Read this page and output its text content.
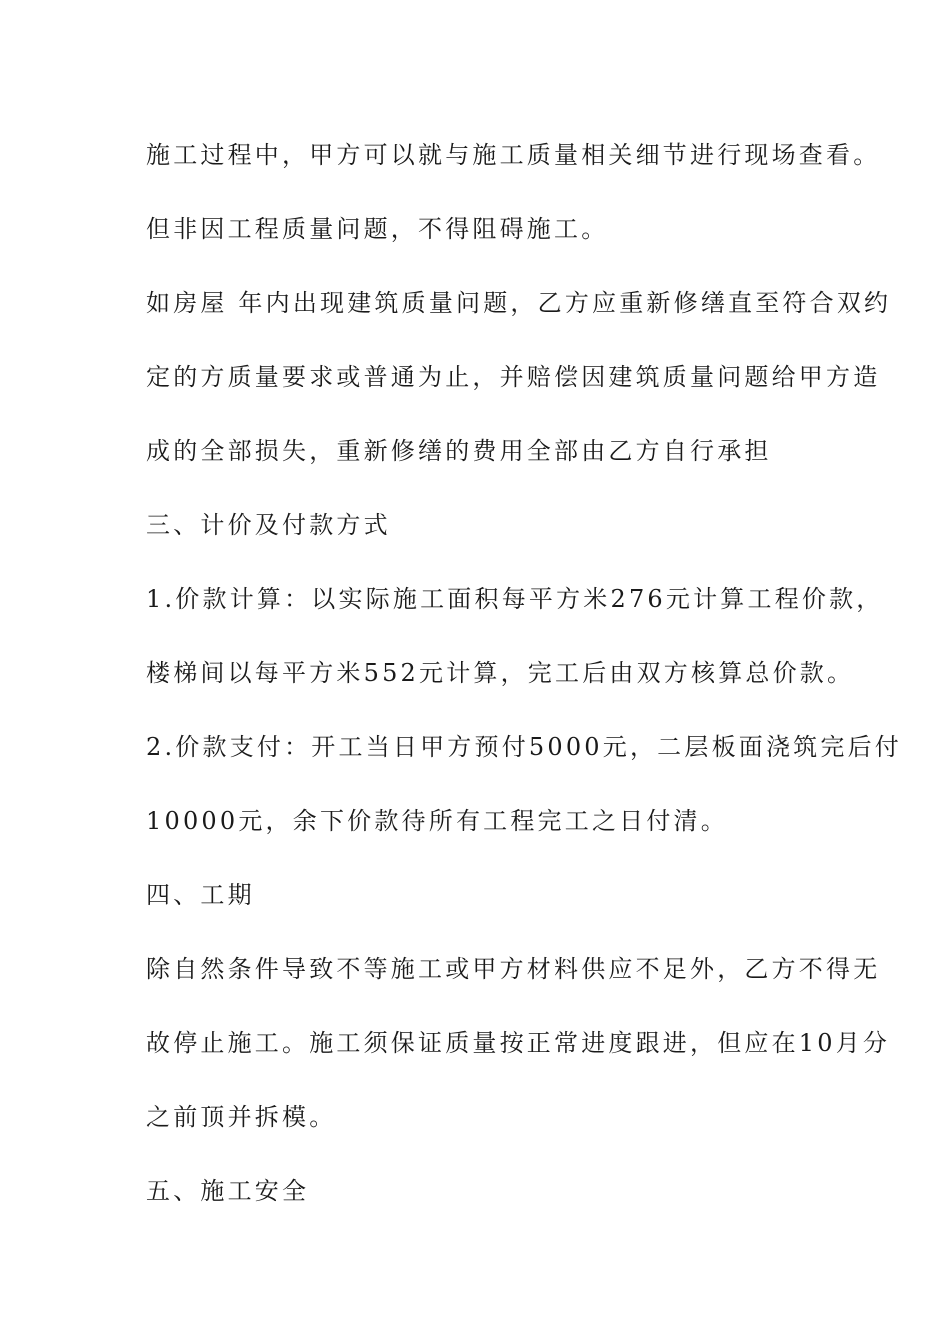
施工过程中，甲方可以就与施工质量相关细节进行现场查看。
但非因工程质量问题，不得阻碍施工。
如房屋 年内出现建筑质量问题，乙方应重新修缮直至符合双约
定的方质量要求或普通为止，并赔偿因建筑质量问题给甲方造
成的全部损失，重新修缮的费用全部由乙方自行承担
三、计价及付款方式
1.价款计算：以实际施工面积每平方米276元计算工程价款，
楼梯间以每平方米552元计算，完工后由双方核算总价款。
2.价款支付：开工当日甲方预付5000元，二层板面浇筑完后付
10000元，余下价款待所有工程完工之日付清。
四、工期
除自然条件导致不等施工或甲方材料供应不足外，乙方不得无
故停止施工。施工须保证质量按正常进度跟进，但应在10月分
之前顶并拆模。
五、施工安全
